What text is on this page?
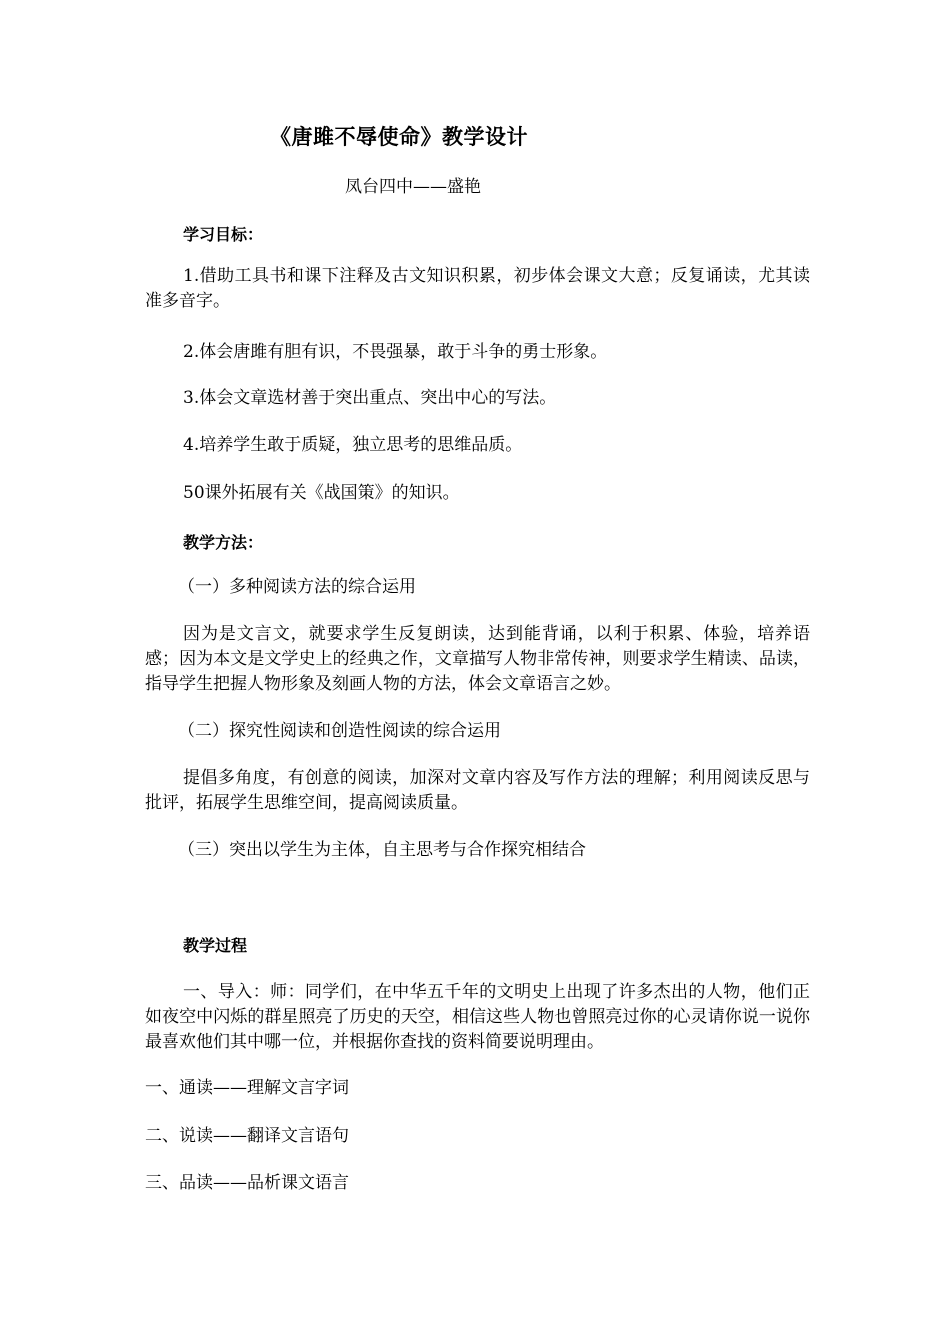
《唐雎不辱使命》教学设计
凤台四中——盛艳
学习目标：

1.借助工具书和课下注释及古文知识积累，初步体会课文大意；反复诵读，尤其读准多音字。

2.体会唐雎有胆有识，不畏强暴，敢于斗争的勇士形象。
3.体会文章选材善于突出重点、突出中心的写法。
4.培养学生敢于质疑，独立思考的思维品质。
50课外拓展有关《战国策》的知识。
教学方法：
（一）多种阅读方法的综合运用

因为是文言文，就要求学生反复朗读，达到能背诵，以利于积累、体验，培养语感；因为本文是文学史上的经典之作，文章描写人物非常传神，则要求学生精读、品读，指导学生把握人物形象及刻画人物的方法，体会文章语言之妙。

（二）探究性阅读和创造性阅读的综合运用

提倡多角度，有创意的阅读，加深对文章内容及写作方法的理解；利用阅读反思与批评，拓展学生思维空间，提高阅读质量。

（三）突出以学生为主体，自主思考与合作探究相结合
教学过程

一、导入：师：同学们，在中华五千年的文明史上出现了许多杰出的人物，他们正如夜空中闪烁的群星照亮了历史的天空，相信这些人物也曾照亮过你的心灵请你说一说你最喜欢他们其中哪一位，并根据你查找的资料简要说明理由。

一、通读——理解文言字词
二、说读——翻译文言语句
三、品读——品析课文语言
